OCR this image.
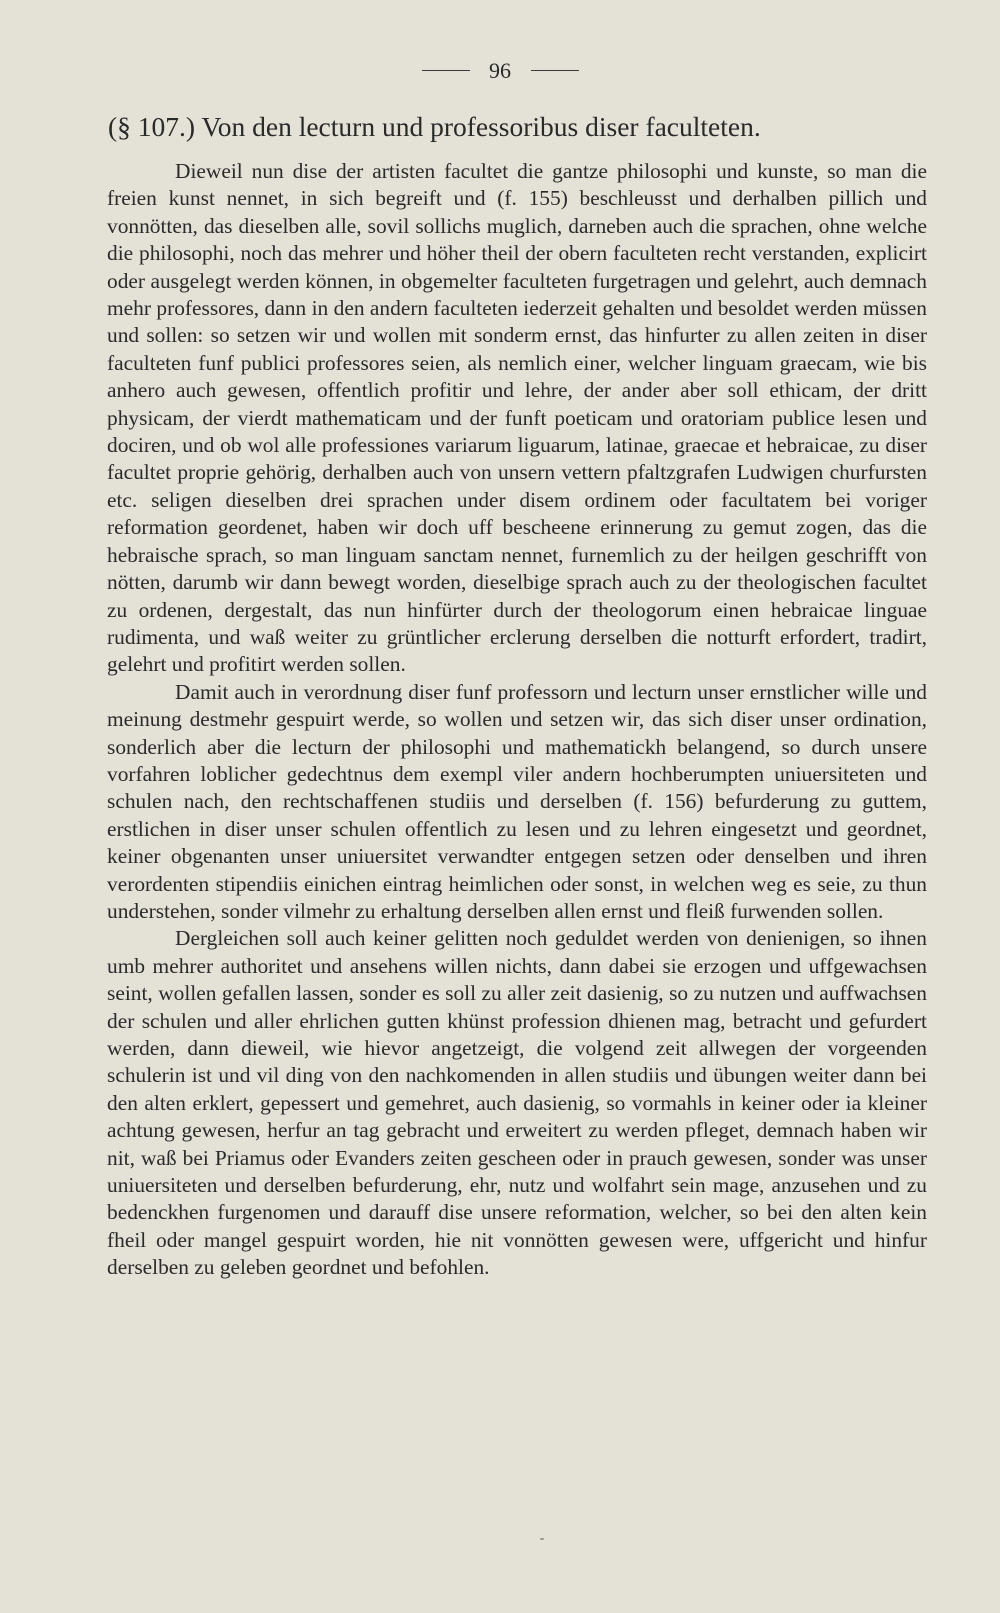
96
(§ 107.) Von den lecturn und professoribus diser faculteten.

Dieweil nun dise der artisten facultet die gantze philosophi und kunste, so man die freien kunst nennet, in sich begreift und (f. 155) beschleusst und derhalben pillich und vonnötten, das dieselben alle, sovil sollichs muglich, darneben auch die sprachen, ohne welche die philosophi, noch das mehrer und höher theil der obern faculteten recht verstanden, explicirt oder ausgelegt werden können, in obgemelter faculteten furgetragen und gelehrt, auch demnach mehr professores, dann in den andern faculteten iederzeit gehalten und besoldet werden müssen und sollen: so setzen wir und wollen mit sonderm ernst, das hinfurter zu allen zeiten in diser faculteten funf publici professores seien, als nemlich einer, welcher linguam graecam, wie bis anhero auch gewesen, offentlich profitir und lehre, der ander aber soll ethicam, der dritt physicam, der vierdt mathematicam und der funft poeticam und oratoriam publice lesen und dociren, und ob wol alle professiones variarum liguarum, latinae, graecae et hebraicae, zu diser facultet proprie gehörig, derhalben auch von unsern vettern pfaltzgrafen Ludwigen churfursten etc. seligen dieselben drei sprachen under disem ordinem oder facultatem bei voriger reformation geordenet, haben wir doch uff bescheene erinnerung zu gemut zogen, das die hebraische sprach, so man linguam sanctam nennet, furnemlich zu der heilgen geschrifft von nötten, darumb wir dann bewegt worden, dieselbige sprach auch zu der theologischen facultet zu ordenen, dergestalt, das nun hinfürter durch der theologorum einen hebraicae linguae rudimenta, und waß weiter zu grüntlicher erclerung derselben die notturft erfordert, tradirt, gelehrt und profitirt werden sollen.

Damit auch in verordnung diser funf professorn und lecturn unser ernstlicher wille und meinung destmehr gespuirt werde, so wollen und setzen wir, das sich diser unser ordination, sonderlich aber die lecturn der philosophi und mathematickh belangend, so durch unsere vorfahren loblicher gedechtnus dem exempl viler andern hochberumpten uniuersiteten und schulen nach, den rechtschaffenen studiis und derselben (f. 156) befurderung zu guttem, erstlichen in diser unser schulen offentlich zu lesen und zu lehren eingesetzt und geordnet, keiner obgenanten unser uniuersitet verwandter entgegen setzen oder denselben und ihren verordenten stipendiis einichen eintrag heimlichen oder sonst, in welchen weg es seie, zu thun understehen, sonder vilmehr zu erhaltung derselben allen ernst und fleiß furwenden sollen.

Dergleichen soll auch keiner gelitten noch geduldet werden von denienigen, so ihnen umb mehrer authoritet und ansehens willen nichts, dann dabei sie erzogen und uffgewachsen seint, wollen gefallen lassen, sonder es soll zu aller zeit dasienig, so zu nutzen und auffwachsen der schulen und aller ehrlichen gutten khünst profession dhienen mag, betracht und gefurdert werden, dann dieweil, wie hievor angetzeigt, die volgend zeit allwegen der vorgeenden schulerin ist und vil ding von den nachkomenden in allen studiis und übungen weiter dann bei den alten erklert, gepessert und gemehret, auch dasienig, so vormahls in keiner oder ia kleiner achtung gewesen, herfur an tag gebracht und erweitert zu werden pfleget, demnach haben wir nit, waß bei Priamus oder Evanders zeiten gescheen oder in prauch gewesen, sonder was unser uniuersiteten und derselben befurderung, ehr, nutz und wolfahrt sein mage, anzusehen und zu bedenckhen furgenomen und darauff dise unsere reformation, welcher, so bei den alten kein fheil oder mangel gespuirt worden, hie nit vonnötten gewesen were, uffgericht und hinfur derselben zu geleben geordnet und befohlen.
